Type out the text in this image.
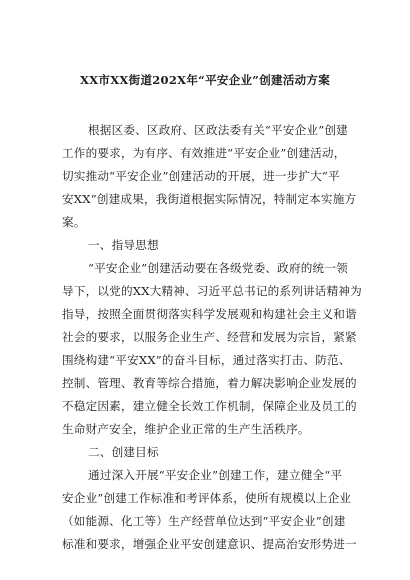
XX市XX街道202X年“平安企业”创建活动方案
根据区委、区政府、区政法委有关“平安企业”创建
工作的要求，为有序、有效推进“平安企业”创建活动，
切实推动“平安企业”创建活动的开展，进一步扩大“平
安XX”创建成果，我街道根据实际情况，特制定本实施方
案。
一、指导思想
“平安企业”创建活动要在各级党委、政府的统一领
导下，以党的XX大精神、习近平总书记的系列讲话精神为
指导，按照全面贯彻落实科学发展观和构建社会主义和谐
社会的要求，以服务企业生产、经营和发展为宗旨，紧紧
围绕构建“平安XX”的奋斗目标，通过落实打击、防范、
控制、管理、教育等综合措施，着力解决影响企业发展的
不稳定因素，建立健全长效工作机制，保障企业及员工的
生命财产安全，维护企业正常的生产生活秩序。
二、创建目标
通过深入开展“平安企业”创建工作，建立健全“平
安企业”创建工作标准和考评体系，使所有规模以上企业
（如能源、化工等）生产经营单位达到“平安企业”创建
标准和要求，增强企业平安创建意识、提高治安形势进一
